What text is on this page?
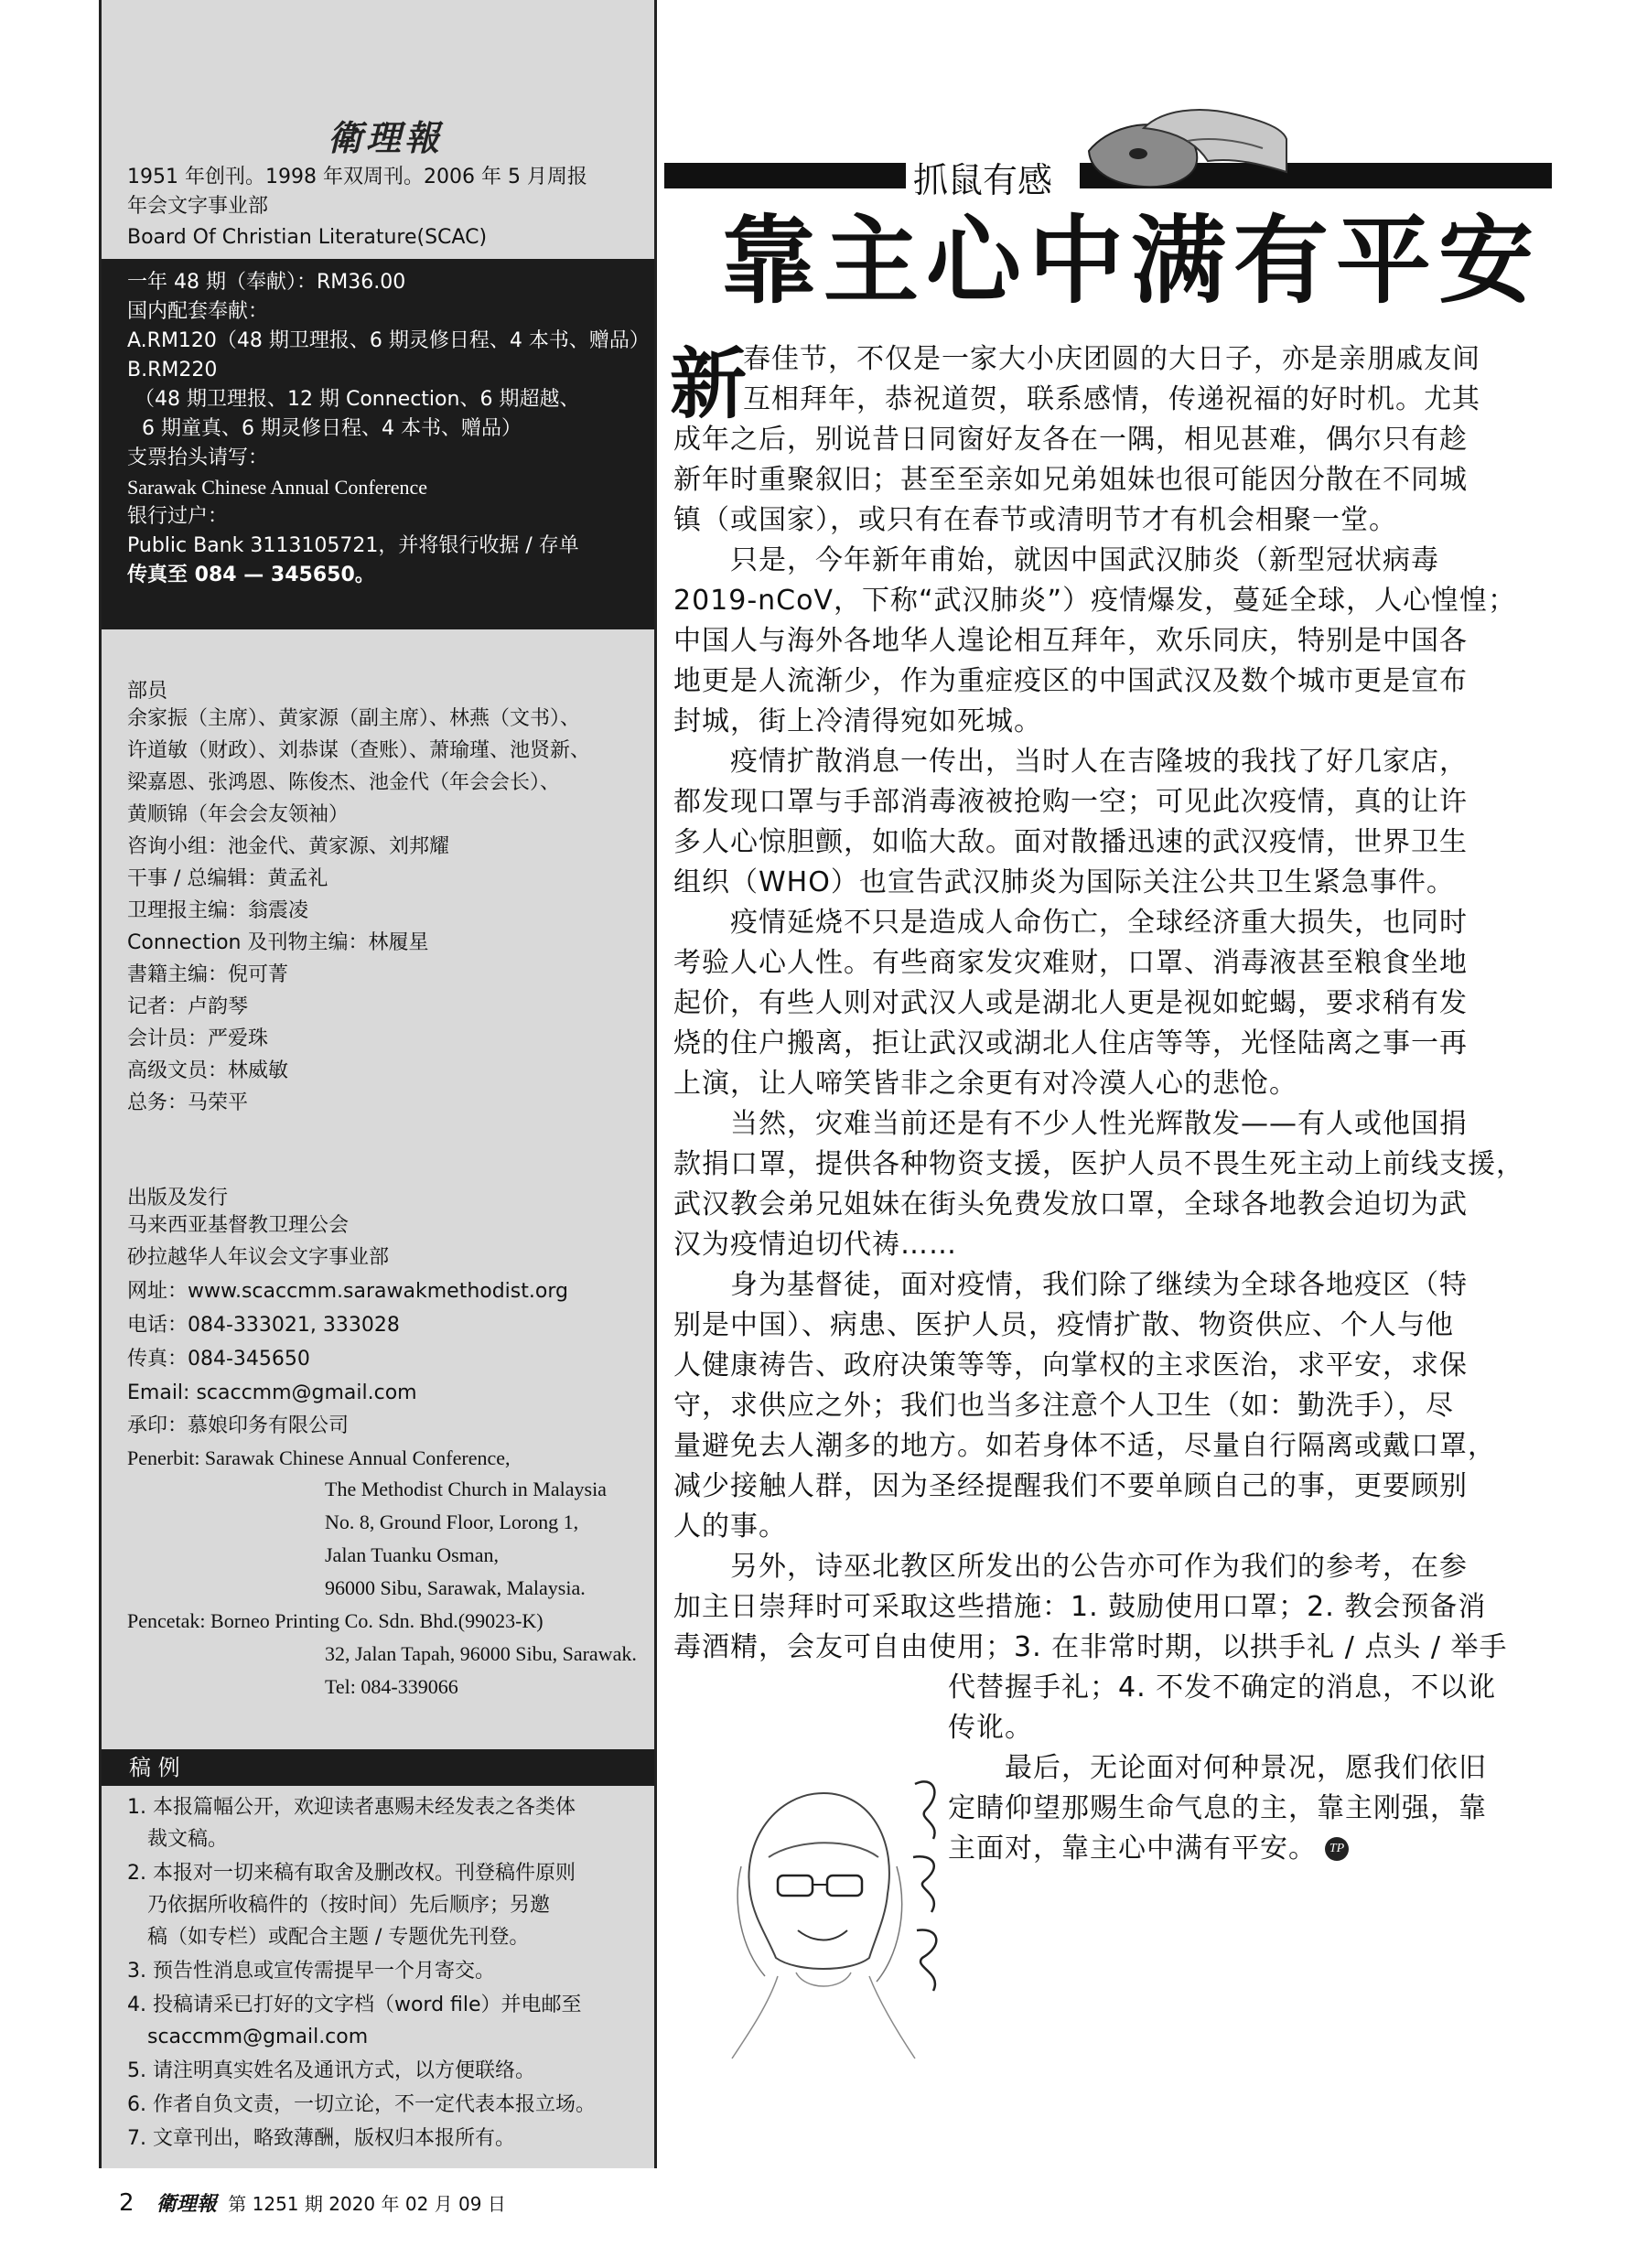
衛理報
1951 年创刊。1998 年双周刊。2006 年 5 月周报
年会文字事业部
Board Of Christian Literature(SCAC)
一年 48 期（奉献）：RM36.00
国内配套奉献：
A.RM120（48 期卫理报、6 期灵修日程、4 本书、赠品）
B.RM220
（48 期卫理报、12 期 Connection、6 期超越、
6 期童真、6 期灵修日程、4 本书、赠品）
支票抬头请写：
Sarawak Chinese Annual Conference
银行过户：
Public Bank 3113105721，并将银行收据 / 存单
传真至 084 — 345650。
部员
余家振（主席）、黄家源（副主席）、林燕（文书）、
许道敏（财政）、刘恭谋（查账）、萧瑜瑾、池贤新、
梁嘉恩、张鸿恩、陈俊杰、池金代（年会会长）、
黄顺锦（年会会友领袖）
咨询小组：池金代、黄家源、刘邦耀
干事 / 总编辑：黄孟礼
卫理报主编：翁震凌
Connection 及刊物主编：林履星
書籍主编：倪可菁
记者：卢韵琴
会计员：严爱珠
高级文员：林威敏
总务：马荣平
出版及发行
马来西亚基督教卫理公会
砂拉越华人年议会文字事业部
网址：www.scaccmm.sarawakmethodist.org
电话：084-333021, 333028
传真：084-345650
Email: scaccmm@gmail.com
承印：慕娘印务有限公司
Penerbit: Sarawak Chinese Annual Conference,
The Methodist Church in Malaysia
No. 8, Ground Floor, Lorong 1,
Jalan Tuanku Osman,
96000 Sibu, Sarawak, Malaysia.
Pencetak: Borneo Printing Co. Sdn. Bhd.(99023-K)
32, Jalan Tapah, 96000 Sibu, Sarawak.
Tel: 084-339066
稿 例
1. 本报篇幅公开，欢迎读者惠赐未经发表之各类体
裁文稿。
2. 本报对一切来稿有取舍及删改权。刊登稿件原则
乃依据所收稿件的（按时间）先后顺序；另邀
稿（如专栏）或配合主题 / 专题优先刊登。
3. 预告性消息或宣传需提早一个月寄交。
4. 投稿请采已打好的文字档（word file）并电邮至
scaccmm@gmail.com
5. 请注明真实姓名及通讯方式，以方便联络。
6. 作者自负文责，一切立论，不一定代表本报立场。
7. 文章刊出，略致薄酬，版权归本报所有。
2 衛理報 第 1251 期 2020 年 02 月 09 日
抓鼠有感
靠主心中满有平安
新
春佳节，不仅是一家大小庆团圆的大日子，亦是亲朋戚友间
互相拜年，恭祝道贺，联系感情，传递祝福的好时机。尤其
成年之后，别说昔日同窗好友各在一隅，相见甚难，偶尔只有趁
新年时重聚叙旧；甚至至亲如兄弟姐妹也很可能因分散在不同城
镇（或国家），或只有在春节或清明节才有机会相聚一堂。
只是，今年新年甫始，就因中国武汉肺炎（新型冠状病毒
2019-nCoV，下称“武汉肺炎”）疫情爆发，蔓延全球，人心惶惶；
中国人与海外各地华人遑论相互拜年，欢乐同庆，特别是中国各
地更是人流渐少，作为重症疫区的中国武汉及数个城市更是宣布
封城，街上冷清得宛如死城。
疫情扩散消息一传出，当时人在吉隆坡的我找了好几家店，
都发现口罩与手部消毒液被抢购一空；可见此次疫情，真的让许
多人心惊胆颤，如临大敌。面对散播迅速的武汉疫情，世界卫生
组织（WHO）也宣告武汉肺炎为国际关注公共卫生紧急事件。
疫情延烧不只是造成人命伤亡，全球经济重大损失，也同时
考验人心人性。有些商家发灾难财，口罩、消毒液甚至粮食坐地
起价，有些人则对武汉人或是湖北人更是视如蛇蝎，要求稍有发
烧的住户搬离，拒让武汉或湖北人住店等等，光怪陆离之事一再
上演，让人啼笑皆非之余更有对冷漠人心的悲怆。
当然，灾难当前还是有不少人性光辉散发——有人或他国捐
款捐口罩，提供各种物资支援，医护人员不畏生死主动上前线支援，
武汉教会弟兄姐妹在街头免费发放口罩，全球各地教会迫切为武
汉为疫情迫切代祷……
身为基督徒，面对疫情，我们除了继续为全球各地疫区（特
别是中国）、病患、医护人员，疫情扩散、物资供应、个人与他
人健康祷告、政府决策等等，向掌权的主求医治，求平安，求保
守，求供应之外；我们也当多注意个人卫生（如：勤洗手），尽
量避免去人潮多的地方。如若身体不适，尽量自行隔离或戴口罩，
减少接触人群，因为圣经提醒我们不要单顾自己的事，更要顾别
人的事。
另外，诗巫北教区所发出的公告亦可作为我们的参考，在参
加主日崇拜时可采取这些措施：1. 鼓励使用口罩；2. 教会预备消
毒酒精，会友可自由使用；3. 在非常时期，以拱手礼 / 点头 / 举手
代替握手礼；4. 不发不确定的消息，不以讹
传讹。
最后，无论面对何种景况，愿我们依旧
定睛仰望那赐生命气息的主，靠主刚强，靠
主面对，靠主心中满有平安。 TP
